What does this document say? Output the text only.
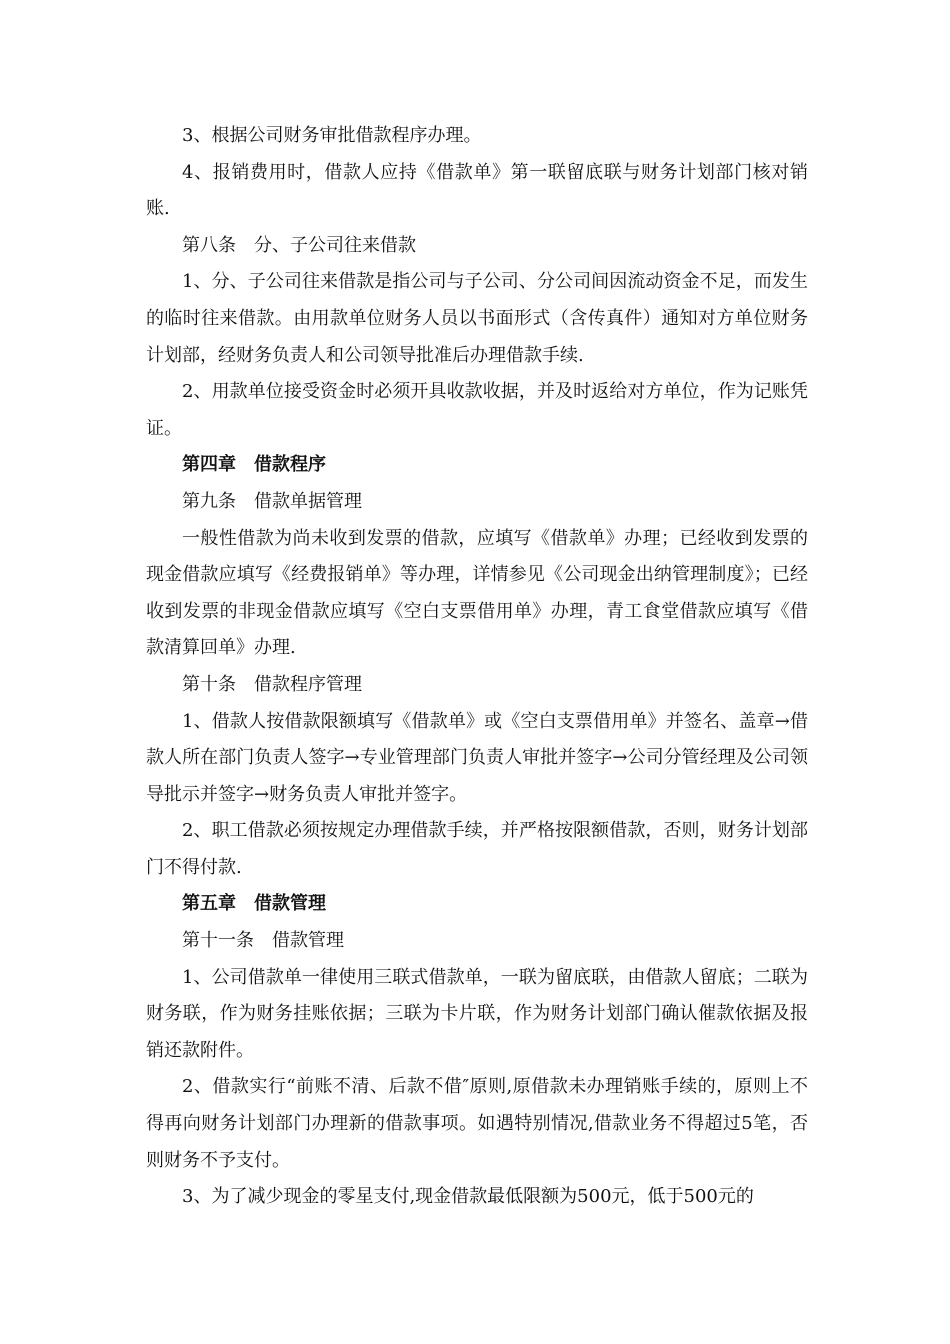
3、根据公司财务审批借款程序办理。

4、报销费用时，借款人应持《借款单》第一联留底联与财务计划部门核对销账.

第八条　分、子公司往来借款

1、分、子公司往来借款是指公司与子公司、分公司间因流动资金不足，而发生的临时往来借款。由用款单位财务人员以书面形式（含传真件）通知对方单位财务计划部，经财务负责人和公司领导批准后办理借款手续.

2、用款单位接受资金时必须开具收款收据，并及时返给对方单位，作为记账凭证。

第四章　借款程序

第九条　借款单据管理

一般性借款为尚未收到发票的借款，应填写《借款单》办理；已经收到发票的现金借款应填写《经费报销单》等办理，详情参见《公司现金出纳管理制度》；已经收到发票的非现金借款应填写《空白支票借用单》办理，青工食堂借款应填写《借款清算回单》办理.

第十条　借款程序管理

1、借款人按借款限额填写《借款单》或《空白支票借用单》并签名、盖章→借款人所在部门负责人签字→专业管理部门负责人审批并签字→公司分管经理及公司领导批示并签字→财务负责人审批并签字。

2、职工借款必须按规定办理借款手续，并严格按限额借款，否则，财务计划部门不得付款.

第五章　借款管理

第十一条　借款管理

1、公司借款单一律使用三联式借款单，一联为留底联，由借款人留底；二联为财务联，作为财务挂账依据；三联为卡片联，作为财务计划部门确认催款依据及报销还款附件。

2、借款实行“前账不清、后款不借″原则,原借款未办理销账手续的，原则上不得再向财务计划部门办理新的借款事项。如遇特别情况,借款业务不得超过5笔，否则财务不予支付。

3、为了减少现金的零星支付,现金借款最低限额为500元，低于500元的
